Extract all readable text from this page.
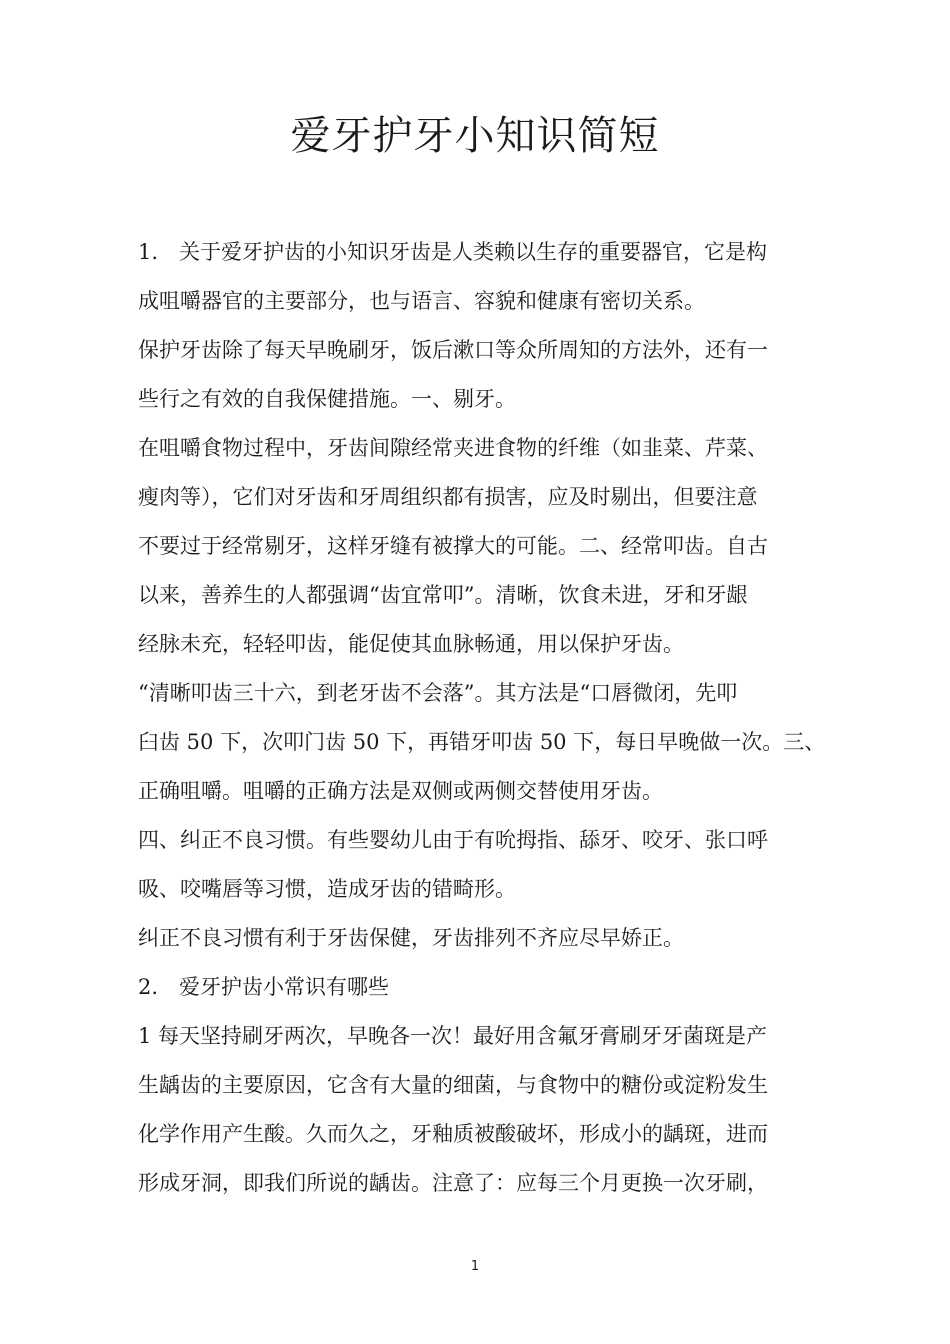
爱牙护牙小知识简短
1.　关于爱牙护齿的小知识牙齿是人类赖以生存的重要器官，它是构
成咀嚼器官的主要部分，也与语言、容貌和健康有密切关系。
保护牙齿除了每天早晚刷牙，饭后漱口等众所周知的方法外，还有一
些行之有效的自我保健措施。一、剔牙。
在咀嚼食物过程中，牙齿间隙经常夹进食物的纤维（如韭菜、芹菜、
瘦肉等），它们对牙齿和牙周组织都有损害，应及时剔出，但要注意
不要过于经常剔牙，这样牙缝有被撑大的可能。二、经常叩齿。自古
以来，善养生的人都强调“齿宜常叩”。清晰，饮食未进，牙和牙龈
经脉未充，轻轻叩齿，能促使其血脉畅通，用以保护牙齿。
“清晰叩齿三十六，到老牙齿不会落”。其方法是“口唇微闭，先叩
臼齿 50 下，次叩门齿 50 下，再错牙叩齿 50 下，每日早晚做一次。三、
正确咀嚼。咀嚼的正确方法是双侧或两侧交替使用牙齿。
四、纠正不良习惯。有些婴幼儿由于有吮拇指、舔牙、咬牙、张口呼
吸、咬嘴唇等习惯，造成牙齿的错畸形。
纠正不良习惯有利于牙齿保健，牙齿排列不齐应尽早娇正。
2.　爱牙护齿小常识有哪些
1 每天坚持刷牙两次，早晚各一次！最好用含氟牙膏刷牙牙菌斑是产
生龋齿的主要原因，它含有大量的细菌，与食物中的糖份或淀粉发生
化学作用产生酸。久而久之，牙釉质被酸破坏，形成小的龋斑，进而
形成牙洞，即我们所说的龋齿。注意了：应每三个月更换一次牙刷，
1
